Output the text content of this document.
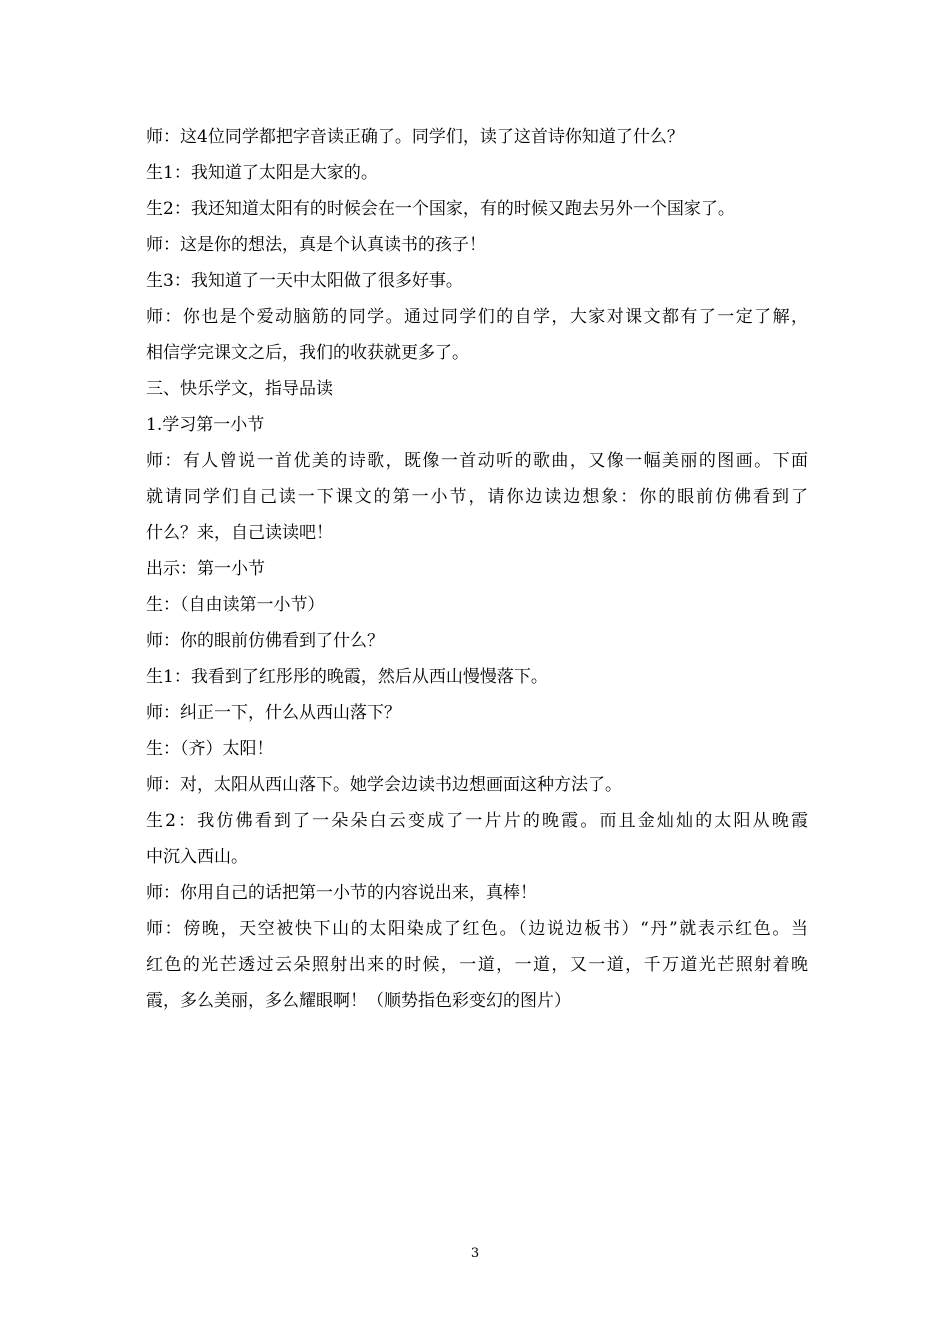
师：这4位同学都把字音读正确了。同学们，读了这首诗你知道了什么？
生1：我知道了太阳是大家的。
生2：我还知道太阳有的时候会在一个国家，有的时候又跑去另外一个国家了。
师：这是你的想法，真是个认真读书的孩子！
生3：我知道了一天中太阳做了很多好事。
师：你也是个爱动脑筋的同学。通过同学们的自学，大家对课文都有了一定了解，
相信学完课文之后，我们的收获就更多了。
三、快乐学文，指导品读
1.学习第一小节
师：有人曾说一首优美的诗歌，既像一首动听的歌曲，又像一幅美丽的图画。下面
就请同学们自己读一下课文的第一小节，请你边读边想象：你的眼前仿佛看到了
什么？来，自己读读吧！
出示：第一小节
生：（自由读第一小节）
师：你的眼前仿佛看到了什么？
生1：我看到了红彤彤的晚霞，然后从西山慢慢落下。
师：纠正一下，什么从西山落下？
生：（齐）太阳！
师：对，太阳从西山落下。她学会边读书边想画面这种方法了。
生2：我仿佛看到了一朵朵白云变成了一片片的晚霞。而且金灿灿的太阳从晚霞
中沉入西山。
师：你用自己的话把第一小节的内容说出来，真棒！
师：傍晚，天空被快下山的太阳染成了红色。（边说边板书）“丹”就表示红色。当
红色的光芒透过云朵照射出来的时候，一道，一道，又一道，千万道光芒照射着晚
霞，多么美丽，多么耀眼啊！（顺势指色彩变幻的图片）
3
